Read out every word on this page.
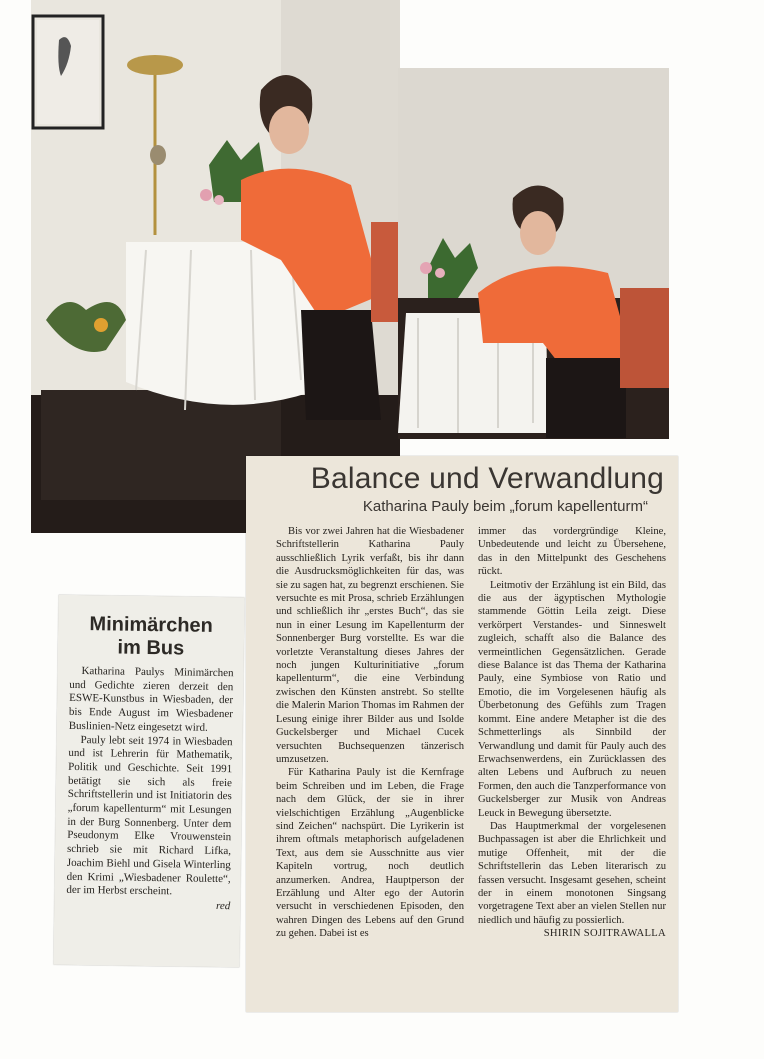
Minimärchen
im Bus

Katharina Paulys Minimärchen und Gedichte zieren derzeit den ESWE-Kunstbus in Wiesbaden, der bis Ende August im Wiesbadener Buslinien-Netz eingesetzt wird.

Pauly lebt seit 1974 in Wiesbaden und ist Lehrerin für Mathematik, Politik und Geschichte. Seit 1991 betätigt sie sich als freie Schriftstellerin und ist Initiatorin des „forum kapellenturm“ mit Lesungen in der Burg Sonnenberg. Unter dem Pseudonym Elke Vrouwenstein schrieb sie mit Richard Lifka, Joachim Biehl und Gisela Winterling den Krimi „Wiesbadener Roulette“, der im Herbst erscheint.

red
Balance und Verwandlung
Katharina Pauly beim „forum kapellenturm“

Bis vor zwei Jahren hat die Wiesbadener Schriftstellerin Katharina Pauly ausschließlich Lyrik verfaßt, bis ihr dann die Ausdrucksmöglichkeiten für das, was sie zu sagen hat, zu begrenzt erschienen. Sie versuchte es mit Prosa, schrieb Erzählungen und schließlich ihr „erstes Buch“, das sie nun in einer Lesung im Kapellenturm der Sonnenberger Burg vorstellte. Es war die vorletzte Veranstaltung dieses Jahres der noch jungen Kulturinitiative „forum kapellenturm“, die eine Verbindung zwischen den Künsten anstrebt. So stellte die Malerin Marion Thomas im Rahmen der Lesung einige ihrer Bilder aus und Isolde Guckelsberger und Michael Cucek versuchten Buchsequenzen tänzerisch umzusetzen.

Für Katharina Pauly ist die Kernfrage beim Schreiben und im Leben, die Frage nach dem Glück, der sie in ihrer vielschichtigen Erzählung „Augenblicke sind Zeichen“ nachspürt. Die Lyrikerin ist ihrem oftmals metaphorisch aufgeladenen Text, aus dem sie Ausschnitte aus vier Kapiteln vortrug, noch deutlich anzumerken. Andrea, Hauptperson der Erzählung und Alter ego der Autorin versucht in verschiedenen Episoden, den wahren Dingen des Lebens auf den Grund zu gehen. Dabei ist es

immer das vordergründige Kleine, Unbedeutende und leicht zu Übersehene, das in den Mittelpunkt des Geschehens rückt.

Leitmotiv der Erzählung ist ein Bild, das die aus der ägyptischen Mythologie stammende Göttin Leila zeigt. Diese verkörpert Verstandes- und Sinneswelt zugleich, schafft also die Balance des vermeintlichen Gegensätzlichen. Gerade diese Balance ist das Thema der Katharina Pauly, eine Symbiose von Ratio und Emotio, die im Vorgelesenen häufig als Überbetonung des Gefühls zum Tragen kommt. Eine andere Metapher ist die des Schmetterlings als Sinnbild der Verwandlung und damit für Pauly auch des Erwachsenwerdens, ein Zurücklassen des alten Lebens und Aufbruch zu neuen Formen, den auch die Tanzperformance von Guckelsberger zur Musik von Andreas Leuck in Bewegung übersetzte.

Das Hauptmerkmal der vorgelesenen Buchpassagen ist aber die Ehrlichkeit und mutige Offenheit, mit der die Schriftstellerin das Leben literarisch zu fassen versucht. Insgesamt gesehen, scheint der in einem monotonen Singsang vorgetragene Text aber an vielen Stellen nur niedlich und häufig zu possierlich.

SHIRIN SOJITRAWALLA
